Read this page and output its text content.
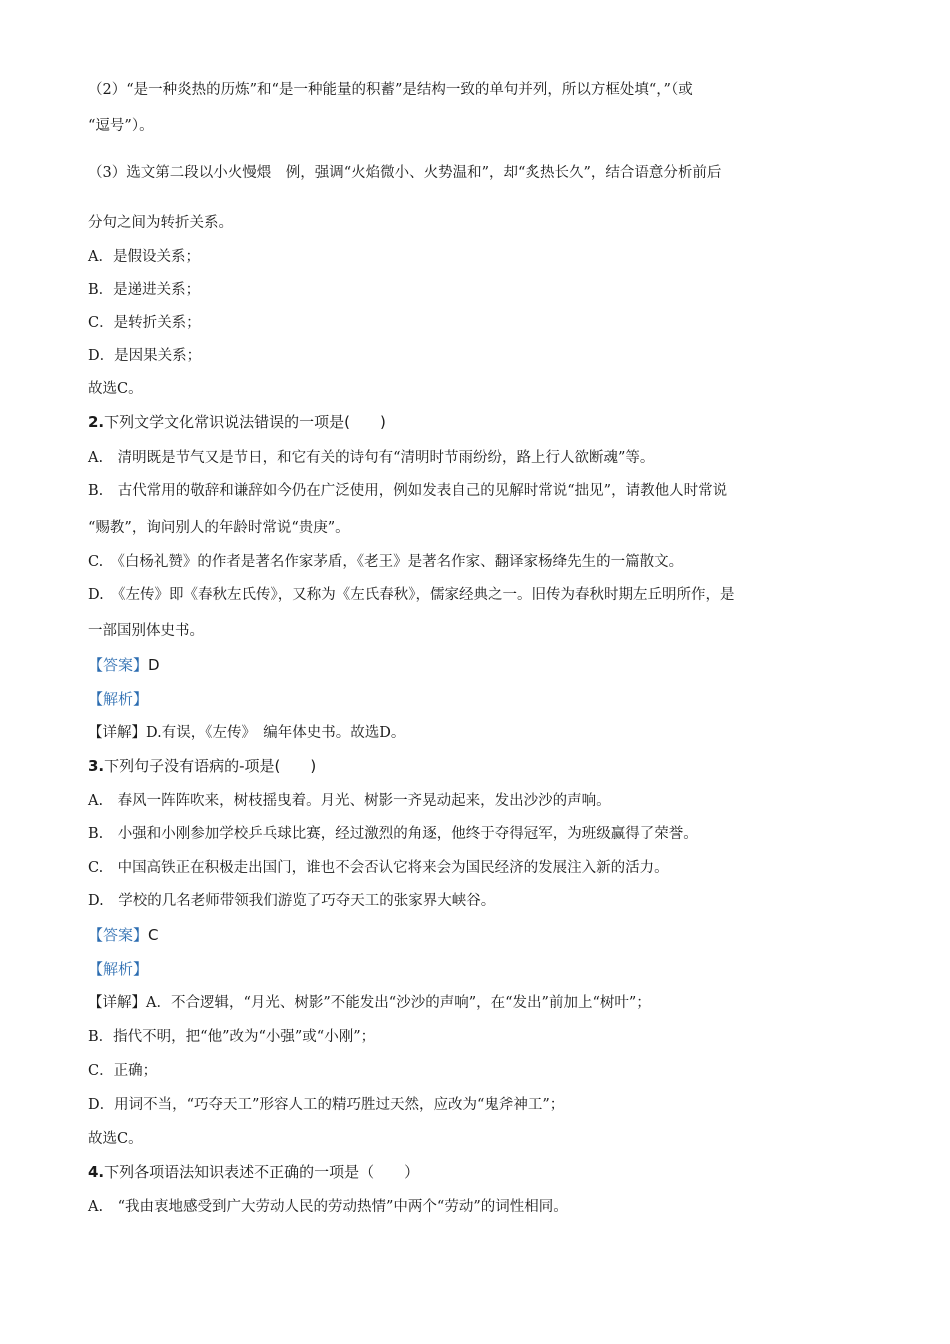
（2）“是一种炎热的历炼”和“是一种能量的积蓄”是结构一致的单句并列，所以方框处填“，”（或
“逗号”）。
（3）选文第二段以小火慢煨　例，强调“火焰微小、火势温和”，却“炙热长久”，结合语意分析前后
分句之间为转折关系。
A．是假设关系；
B．是递进关系；
C．是转折关系；
D．是因果关系；
故选C。
2.下列文学文化常识说法错误的一项是(　　)
A.　清明既是节气又是节日，和它有关的诗句有“清明时节雨纷纷，路上行人欲断魂”等。
B.　古代常用的敬辞和谦辞如今仍在广泛使用，例如发表自己的见解时常说“拙见”，请教他人时常说
“赐教”，询问别人的年龄时常说“贵庚”。
C.　《白杨礼赞》的作者是著名作家茅盾，《老王》是著名作家、翻译家杨绛先生的一篇散文。
D.　《左传》即《春秋左氏传》，又称为《左氏春秋》，儒家经典之一。旧传为春秋时期左丘明所作，是
一部国别体史书。
【答案】D
【解析】
【详解】D.有误，《左传》　编年体史书。故选D。
3.下列句子没有语病的-项是(　　)
A.　春风一阵阵吹来，树枝摇曳着。月光、树影一齐晃动起来，发出沙沙的声响。
B.　小强和小刚参加学校乒乓球比赛，经过激烈的角逐，他终于夺得冠军，为班级赢得了荣誉。
C.　中国高铁正在积极走出国门，谁也不会否认它将来会为国民经济的发展注入新的活力。
D.　学校的几名老师带领我们游览了巧夺天工的张家界大峡谷。
【答案】C
【解析】
【详解】A．不合逻辑，“月光、树影”不能发出“沙沙的声响”，在“发出”前加上“树叶”；
B．指代不明，把“他”改为“小强”或“小刚”；
C．正确；
D．用词不当，“巧夺天工”形容人工的精巧胜过天然，应改为“鬼斧神工”；
故选C。
4.下列各项语法知识表述不正确的一项是（　　）
A.　“我由衷地感受到广大劳动人民的劳动热情”中两个“劳动”的词性相同。
